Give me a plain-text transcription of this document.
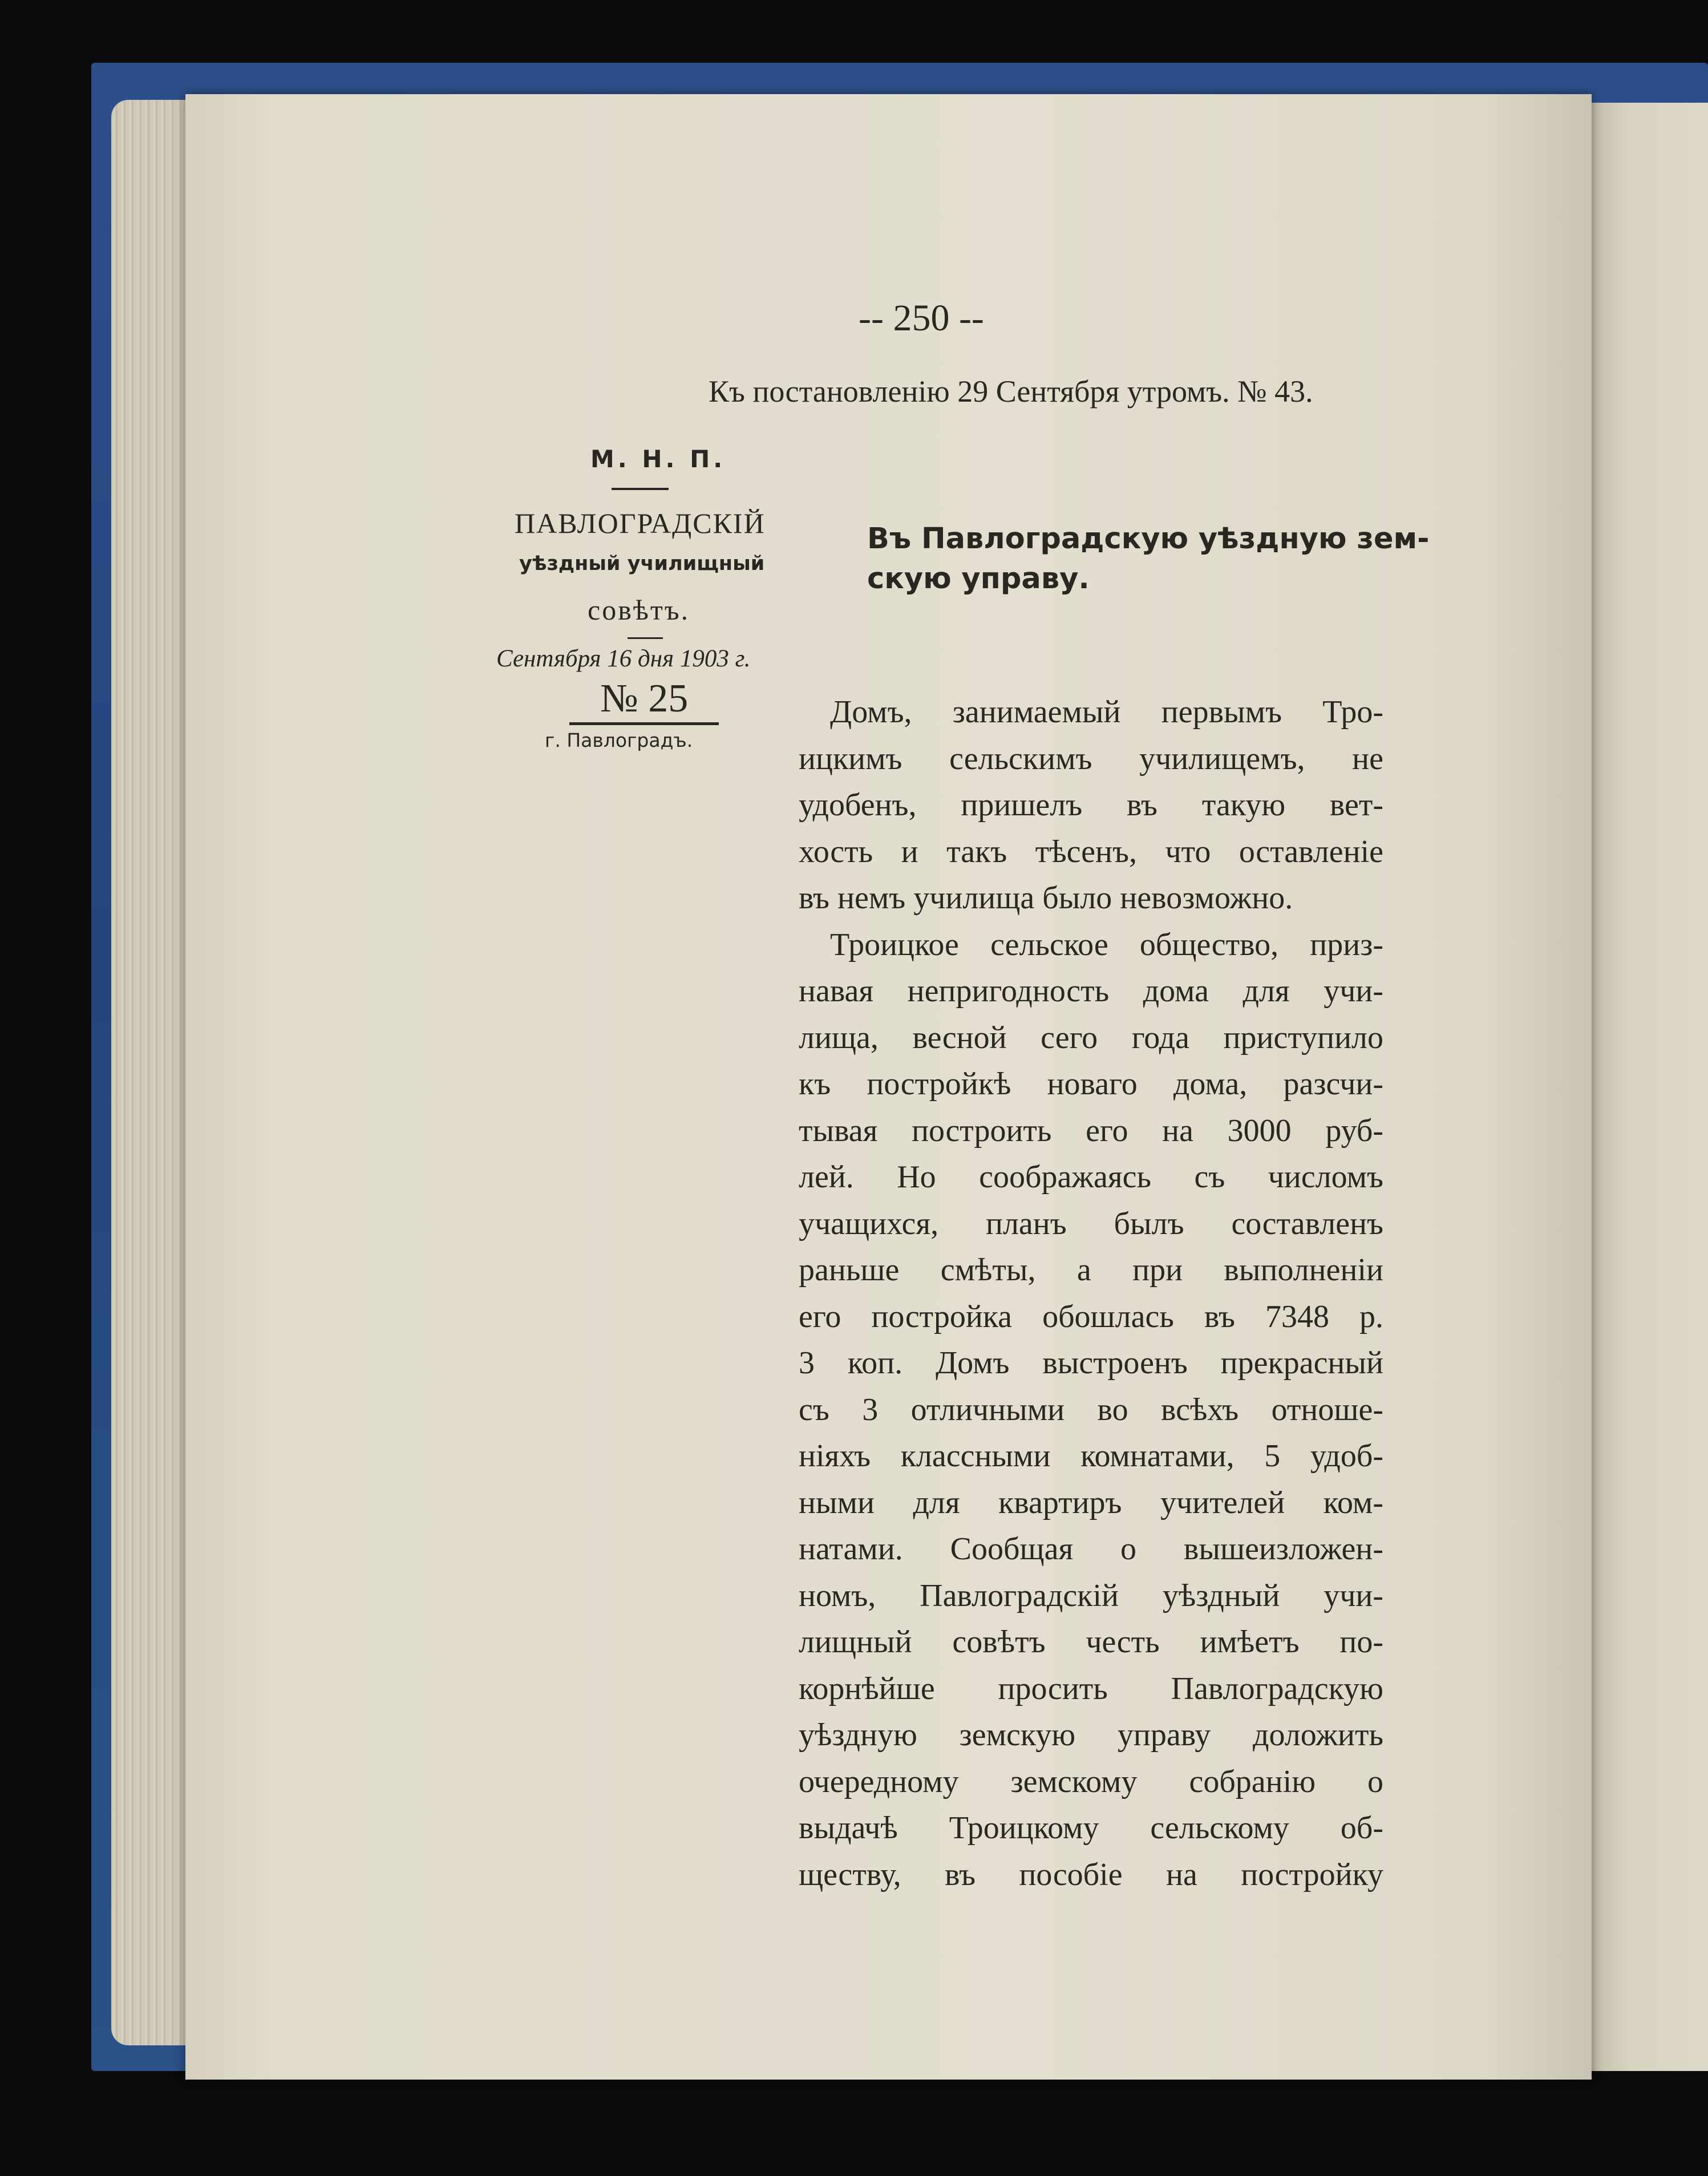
-- 250 --
Къ постановленію 29 Сентября утромъ. № 43.
М. Н. П.
ПАВЛОГРАДСКІЙ
уѣздный училищный
совѣтъ.
Сентября 16 дня 1903 г.
№ 25
г. Павлоградъ.
Въ Павлоградскую уѣздную зем-
скую управу.
Домъ, занимаемый первымъ Тро-
ицкимъ сельскимъ училищемъ, не
удобенъ, пришелъ въ такую вет-
хость и такъ тѣсенъ, что оставленіе
въ немъ училища было невозможно.
Троицкое сельское общество, приз-
навая непригодность дома для учи-
лища, весной сего года приступило
къ постройкѣ новаго дома, разсчи-
тывая построить его на 3000 руб-
лей. Но соображаясь съ числомъ
учащихся, планъ былъ составленъ
раньше смѣты, а при выполненіи
его постройка обошлась въ 7348 р.
3 коп. Домъ выстроенъ прекрасный
съ 3 отличными во всѣхъ отноше-
ніяхъ классными комнатами, 5 удоб-
ными для квартиръ учителей ком-
натами. Сообщая о вышеизложен-
номъ, Павлоградскій уѣздный учи-
лищный совѣтъ честь имѣетъ по-
корнѣйше просить Павлоградскую
уѣздную земскую управу доложить
очередному земскому собранію о
выдачѣ Троицкому сельскому об-
ществу, въ пособіе на постройку
